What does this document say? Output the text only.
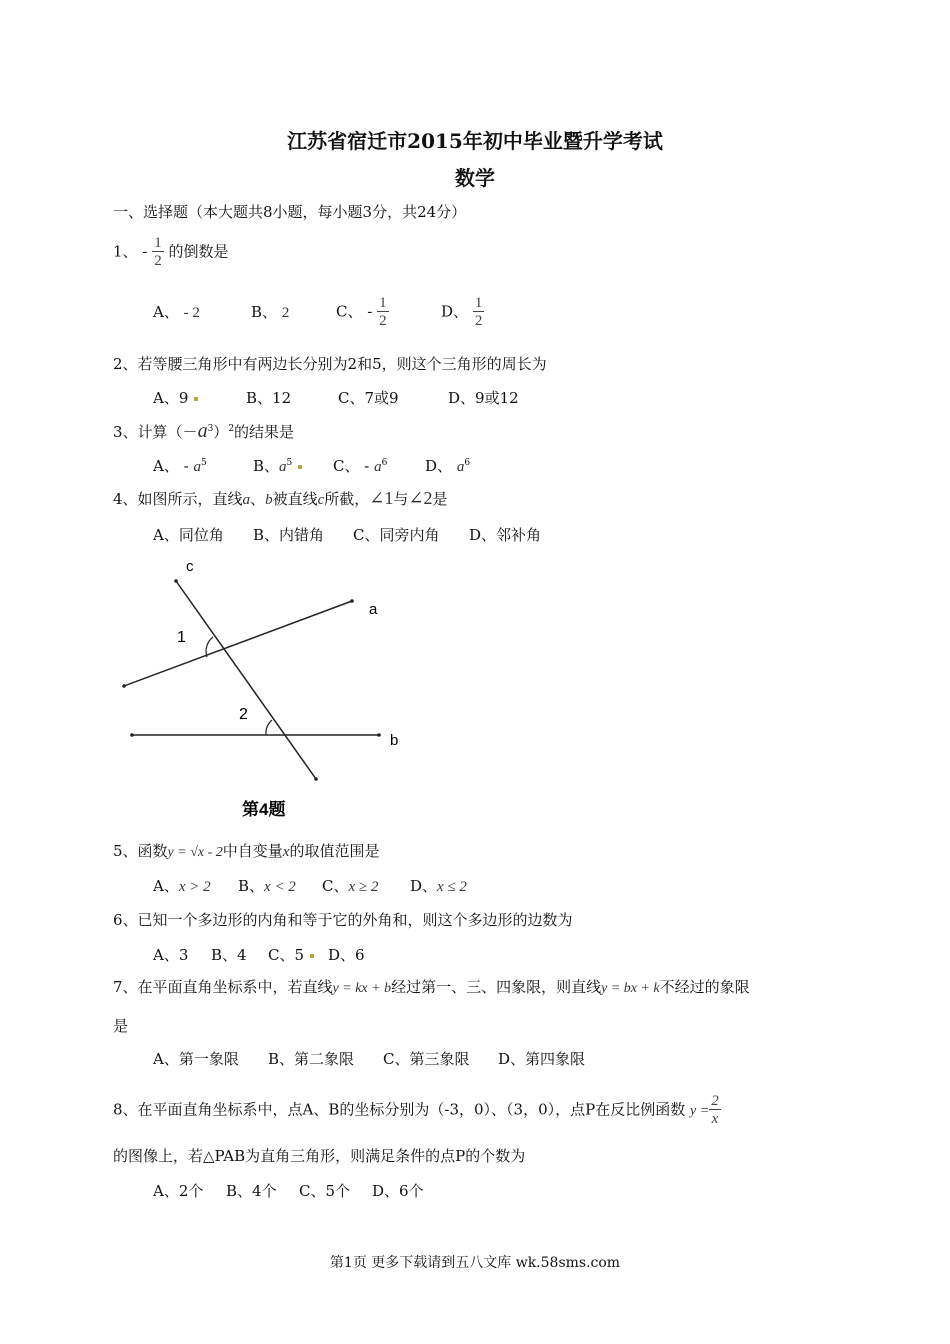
江苏省宿迁市2015年初中毕业暨升学考试
数学
一、选择题（本大题共8小题，每小题3分，共24分）
1、 - $\frac{1}{2}$ 的倒数是
A、 - 2	B、 2	C、 - $\frac{1}{2}$	D、 $\frac{1}{2}$
2、若等腰三角形中有两边长分别为2和5，则这个三角形的周长为
A、9	B、12	C、7或9	D、9或12
3、计算$(-a^3)^2$的结果是
A、 - $a^5$	B、$a^5$	C、 - $a^6$	D、 $a^6$
4、如图所示，直线a、b被直线c所截，∠1与∠2是
A、同位角 B、内错角 C、同旁内角 D、邻补角
c
a
b
1
2
第4题
5、函数y = √x - 2中自变量x的取值范围是
A、x > 2 B、x < 2 C、x ≥ 2 D、x ≤ 2
6、已知一个多边形的内角和等于它的外角和，则这个多边形的边数为
A、3 B、4 C、5 D、6
7、在平面直角坐标系中，若直线y = kx + b经过第一、三、四象限，则直线y = bx + k不经过的象限
是
A、第一象限 B、第二象限 C、第三象限 D、第四象限
8、在平面直角坐标系中，点A、B的坐标分别为（-3，0）、（3，0），点P在反比例函数 $y = \frac{2}{x}$
的图像上，若△PAB为直角三角形，则满足条件的点P的个数为
A、2个 B、4个 C、5个 D、6个
第1页 更多下载请到五八文库 wk.58sms.com
